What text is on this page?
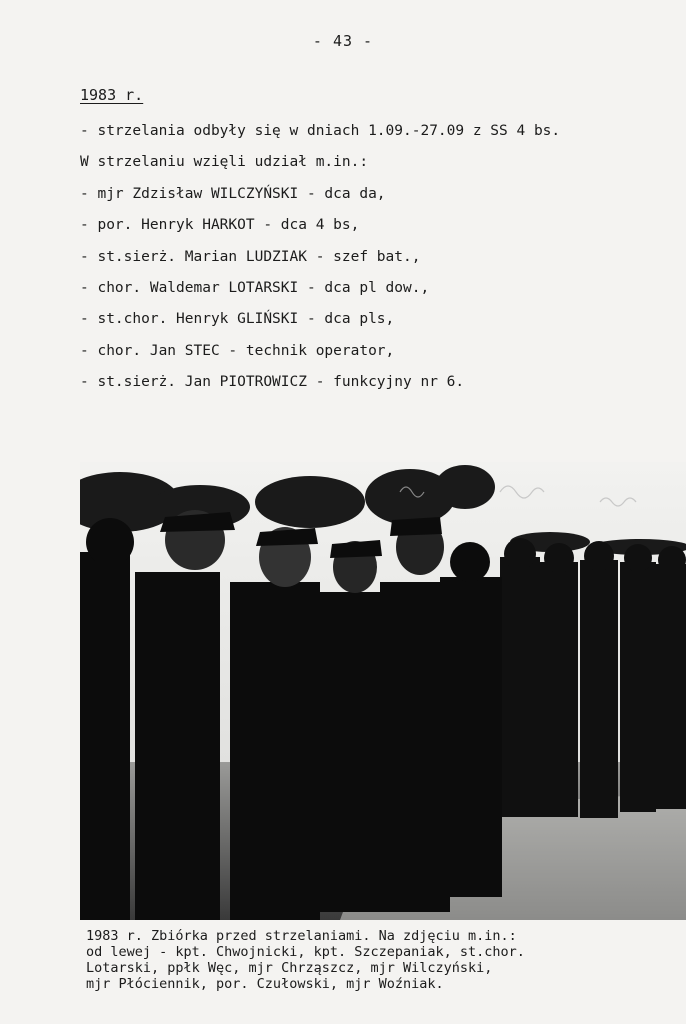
- 43 -
1983 r.
- strzelania odbyły się w dniach 1.09.-27.09 z SS 4 bs.
W strzelaniu wzięli udział m.in.:
- mjr Zdzisław WILCZYŃSKI - dca da,
- por. Henryk HARKOT - dca 4 bs,
- st.sierż. Marian LUDZIAK - szef bat.,
- chor. Waldemar LOTARSKI - dca pl dow.,
- st.chor. Henryk GLIŃSKI - dca pls,
- chor. Jan STEC - technik operator,
- st.sierż. Jan PIOTROWICZ - funkcyjny nr 6.
1983 r. Zbiórka przed strzelaniami. Na zdjęciu m.in.:
od lewej - kpt. Chwojnicki, kpt. Szczepaniak, st.chor.
Lotarski, ppłk Węc, mjr Chrząszcz, mjr Wilczyński,
mjr Płóciennik, por. Czułowski, mjr Woźniak.
